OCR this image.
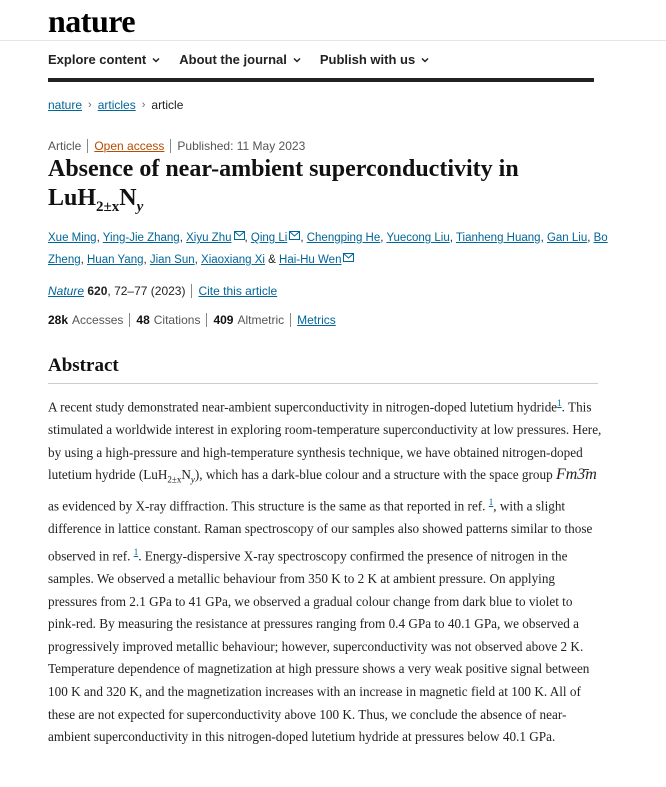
nature
Explore content	About the journal	Publish with us
nature › articles › article
Article Open access Published: 11 May 2023
Absence of near-ambient superconductivity in $LuH_{2\pm x}N_y$
Xue Ming, Ying-Jie Zhang, Xiyu Zhu , Qing Li , Chengping He, Yuecong Liu, Tianheng Huang, Gan Liu, Bo Zheng, Huan Yang, Jian Sun, Xiaoxiang Xi & Hai-Hu Wen
Nature
620 , 72–77 (2023) Cite this article
28k Accesses 48 Citations 409 Altmetric Metrics
Abstract

A recent study demonstrated near-ambient superconductivity in nitrogen-doped lutetium hydride$^1$. This stimulated a worldwide interest in exploring room-temperature superconductivity at low pressures. Here, by using a high-pressure and high-temperature synthesis technique, we have obtained nitrogen-doped lutetium hydride $(LuH_{2\pm x}N_y)$, which has a dark-blue colour and a structure with the space group Fm3̄m as evidenced by X-ray diffraction. This structure is the same as that reported in ref. $^1$, with a slight difference in lattice constant. Raman spectroscopy of our samples also showed patterns similar to those observed in ref. $^1$. Energy-dispersive X-ray spectroscopy confirmed the presence of nitrogen in the samples. We observed a metallic behaviour from 350 K to 2 K at ambient pressure. On applying pressures from 2.1 GPa to 41 GPa, we observed a gradual colour change from dark blue to violet to pink-red. By measuring the resistance at pressures ranging from 0.4 GPa to 40.1 GPa, we observed a progressively improved metallic behaviour; however, superconductivity was not observed above 2 K. Temperature dependence of magnetization at high pressure shows a very weak positive signal between 100 K and 320 K, and the magnetization increases with an increase in magnetic field at 100 K. All of these are not expected for superconductivity above 100 K. Thus, we conclude the absence of near-ambient superconductivity in this nitrogen-doped lutetium hydride at pressures below 40.1 GPa.
